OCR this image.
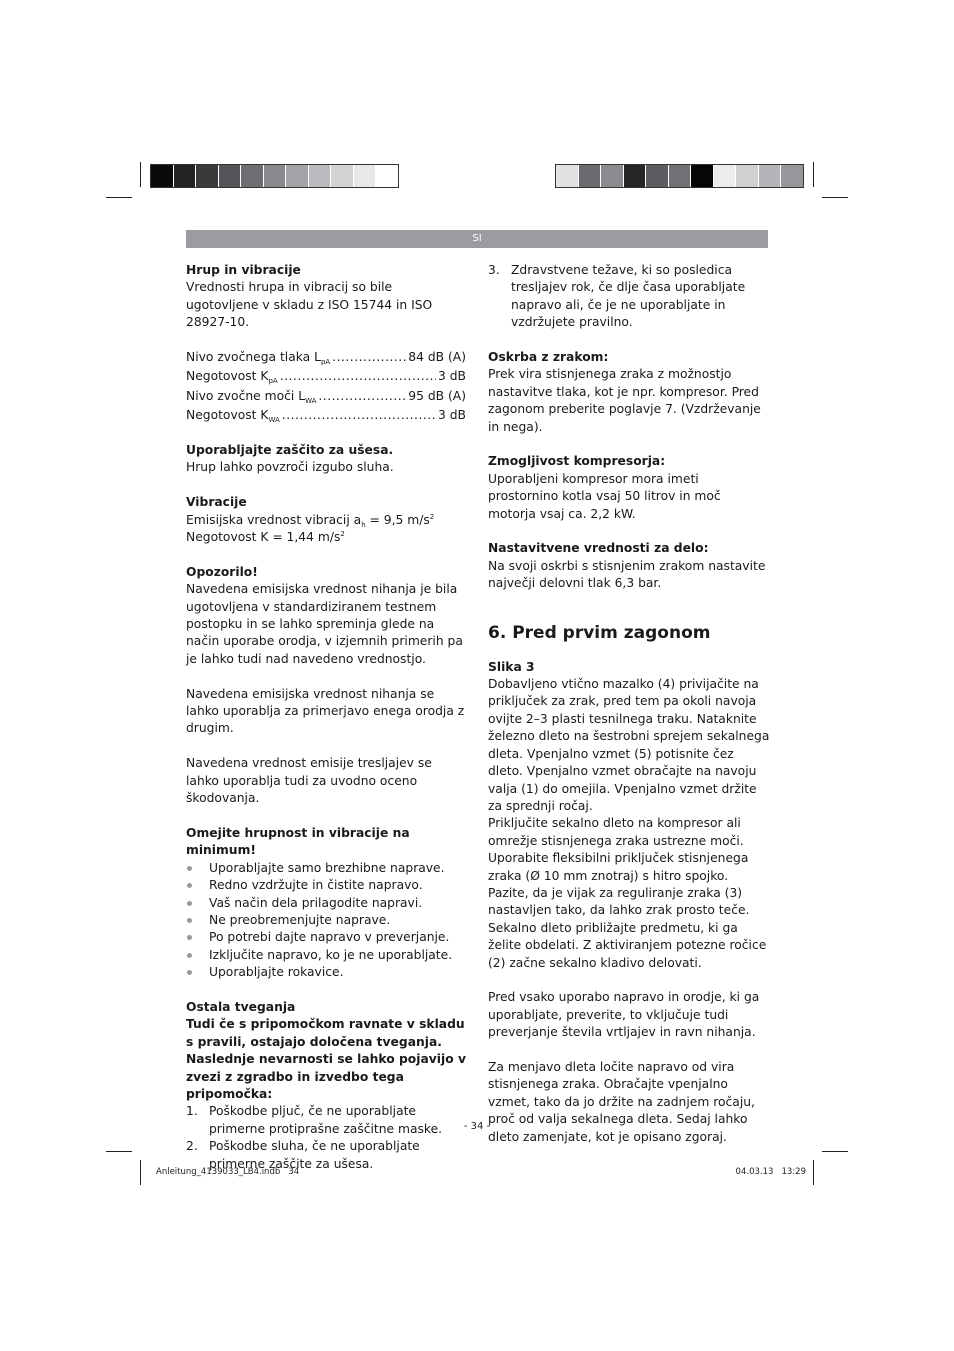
SI

Hrup in vibracije

Vrednosti hrupa in vibracij so bile ugotovljene v skladu z ISO 15744 in ISO 28927-10.

Nivo zvočnega tlaka $L_{pA}$ .....	84 dB (A)
Negotovost $K_{pA}$ .....	3 dB
Nivo zvočne moči $L_{WA}$ .....	95 dB (A)
Negotovost $K_{WA}$ .....	3 dB

Uporabljajte zaščito za ušesa.

Hrup lahko povzroči izgubo sluha.

Vibracije

Emisijska vrednost vibracij $a_h = 9,5$ $m/s^2$

Negotovost K = 1,44 $m/s^2$

Opozorilo!

Navedena emisijska vrednost nihanja je bila ugotovljena v standardiziranem testnem postopku in se lahko spreminja glede na način uporabe orodja, v izjemnih primerih pa je lahko tudi nad navedeno vrednostjo.

Navedena emisijska vrednost nihanja se lahko uporablja za primerjavo enega orodja z drugim.

Navedena vrednost emisije tresljajev se lahko uporablja tudi za uvodno oceno škodovanja.

Omejite hrupnost in vibracije na minimum!

Uporabljajte samo brezhibne naprave.
Redno vzdržujte in čistite napravo.
Vaš način dela prilagodite napravi.
Ne preobremenjujte naprave.
Po potrebi dajte napravo v preverjanje.
Izključite napravo, ko je ne uporabljate.
Uporabljajte rokavice.

Ostala tveganja

Tudi če s pripomočkom ravnate v skladu s pravili, ostajajo določena tveganja. Naslednje nevarnosti se lahko pojavijo v zvezi z zgradbo in izvedbo tega pripomočka:

1. Poškodbe pljuč, če ne uporabljate primerne protiprašne zaščitne maske.
2. Poškodbe sluha, če ne uporabljate primerne zaščite za ušesa.
3. Zdravstvene težave, ki so posledica tresljajev rok, če dlje časa uporabljate napravo ali, če je ne uporabljate in vzdržujete pravilno.

Oskrba z zrakom:

Prek vira stisnjenega zraka z možnostjo nastavitve tlaka, kot je npr. kompresor. Pred zagonom preberite poglavje 7. (Vzdrževanje in nega).

Zmogljivost kompresorja:

Uporabljeni kompresor mora imeti prostornino kotla vsaj 50 litrov in moč motorja vsaj ca. 2,2 kW.

Nastavitvene vrednosti za delo:

Na svoji oskrbi s stisnjenim zrakom nastavite največji delovni tlak 6,3 bar.

6. Pred prvim zagonom

Slika 3

Dobavljeno vtično mazalko (4) privijačite na priključek za zrak, pred tem pa okoli navoja ovijte 2–3 plasti tesnilnega traku. Nataknite železno dleto na šestrobni sprejem sekalnega dleta. Vpenjalno vzmet (5) potisnite čez dleto. Vpenjalno vzmet obračajte na navoju valja (1) do omejila. Vpenjalno vzmet držite za sprednji ročaj.

Priključite sekalno dleto na kompresor ali omrežje stisnjenega zraka ustrezne moči. Uporabite fleksibilni priključek stisnjenega zraka (Ø 10 mm znotraj) s hitro spojko. Pazite, da je vijak za reguliranje zraka (3) nastavljen tako, da lahko zrak prosto teče.

Sekalno dleto približajte predmetu, ki ga želite obdelati. Z aktiviranjem potezne ročice (2) začne sekalno kladivo delovati.

Pred vsako uporabo napravo in orodje, ki ga uporabljate, preverite, to vključuje tudi preverjanje števila vrtljajev in ravn nihanja.

Za menjavo dleta ločite napravo od vira stisnjenega zraka. Obračajte vpenjalno vzmet, tako da jo držite na zadnjem ročaju, proč od valja sekalnega dleta. Sedaj lahko dleto zamenjate, kot je opisano zgoraj.

- 34 -
Anleitung_4139033_LB4.indb   34	04.03.13   13:29
